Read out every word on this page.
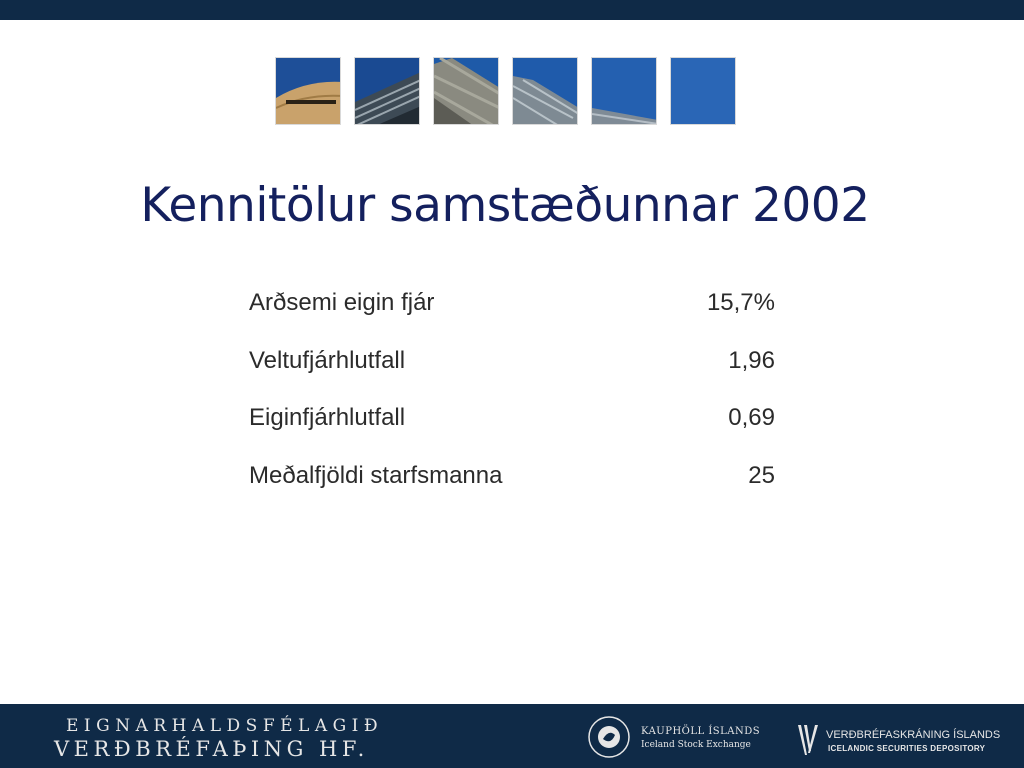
Kennitölur samstæðunnar 2002
Arðsemi eigin fjár	15,7%
Veltufjárhlutfall	1,96
Eiginfjárhlutfall	0,69
Meðalfjöldi starfsmanna	25
EIGNARHALDSFÉLAGIÐ
VERÐBRÉFAÞING HF.
KAUPHÖLL ÍSLANDS
Iceland Stock Exchange
VERÐBRÉFASKRÁNING ÍSLANDS
ICELANDIC SECURITIES DEPOSITORY
